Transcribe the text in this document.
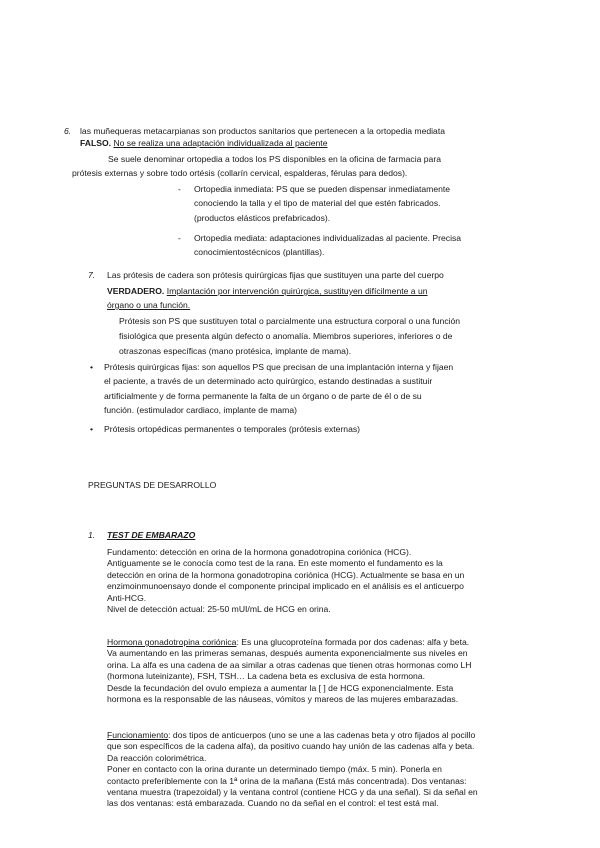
6. las muñequeras metacarpianas son productos sanitarios que pertenecen a la ortopedia mediata

FALSO. No se realiza una adaptación individualizada al paciente

Se suele denominar ortopedia a todos los PS disponibles en la oficina de farmacia para

prótesis externas y sobre todo ortésis (collarín cervical, espalderas, férulas para dedos).

- Ortopedia inmediata: PS que se pueden dispensar inmediatamente

conociendo la talla y el tipo de material del que estén fabricados.

(productos elásticos prefabricados).

- Ortopedia mediata: adaptaciones individualizadas al paciente. Precisa

conocimientostécnicos (plantillas).

7. Las prótesis de cadera son prótesis quirúrgicas fijas que sustituyen una parte del cuerpo

VERDADERO. Implantación por intervención quirúrgica, sustituyen difícilmente a un

órgano o una función.

Prótesis son PS que sustituyen total o parcialmente una estructura corporal o una función

fisiológica que presenta algún defecto o anomalía. Miembros superiores, inferiores o de

otraszonas específicas (mano protésica, implante de mama).

• Prótesis quirúrgicas fijas: son aquellos PS que precisan de una implantación interna y fijaen

el paciente, a través de un determinado acto quirúrgico, estando destinadas a sustituir

artificialmente y de forma permanente la falta de un órgano o de parte de él o de su

función. (estimulador cardiaco, implante de mama)

• Prótesis ortopédicas permanentes o temporales (prótesis externas)

PREGUNTAS DE DESARROLLO

1. TEST DE EMBARAZO

Fundamento: detección en orina de la hormona gonadotropina coriónica (HCG).

Antiguamente se le conocía como test de la rana. En este momento el fundamento es la

detección en orina de la hormona gonadotropina coriónica (HCG). Actualmente se basa en un

enzimoinmunoensayo donde el componente principal implicado en el análisis es el anticuerpo

Anti-HCG.

Nivel de detección actual: 25-50 mUI/mL de HCG en orina.

Hormona gonadotropina coriónica: Es una glucoproteína formada por dos cadenas: alfa y beta.

Va aumentando en las primeras semanas, después aumenta exponencialmente sus niveles en

orina. La alfa es una cadena de aa similar a otras cadenas que tienen otras hormonas como LH

(hormona luteinizante), FSH, TSH… La cadena beta es exclusiva de esta hormona.

Desde la fecundación del ovulo empieza a aumentar la [ ] de HCG exponencialmente. Esta

hormona es la responsable de las náuseas, vómitos y mareos de las mujeres embarazadas.

Funcionamiento: dos tipos de anticuerpos (uno se une a las cadenas beta y otro fijados al pocillo

que son específicos de la cadena alfa), da positivo cuando hay unión de las cadenas alfa y beta.

Da reacción colorimétrica.

Poner en contacto con la orina durante un determinado tiempo (máx. 5 min). Ponerla en

contacto preferiblemente con la 1ª orina de la mañana (Está más concentrada). Dos ventanas:

ventana muestra (trapezoidal) y la ventana control (contiene HCG y da una señal). Si da señal en

las dos ventanas: está embarazada. Cuando no da señal en el control: el test está mal.
